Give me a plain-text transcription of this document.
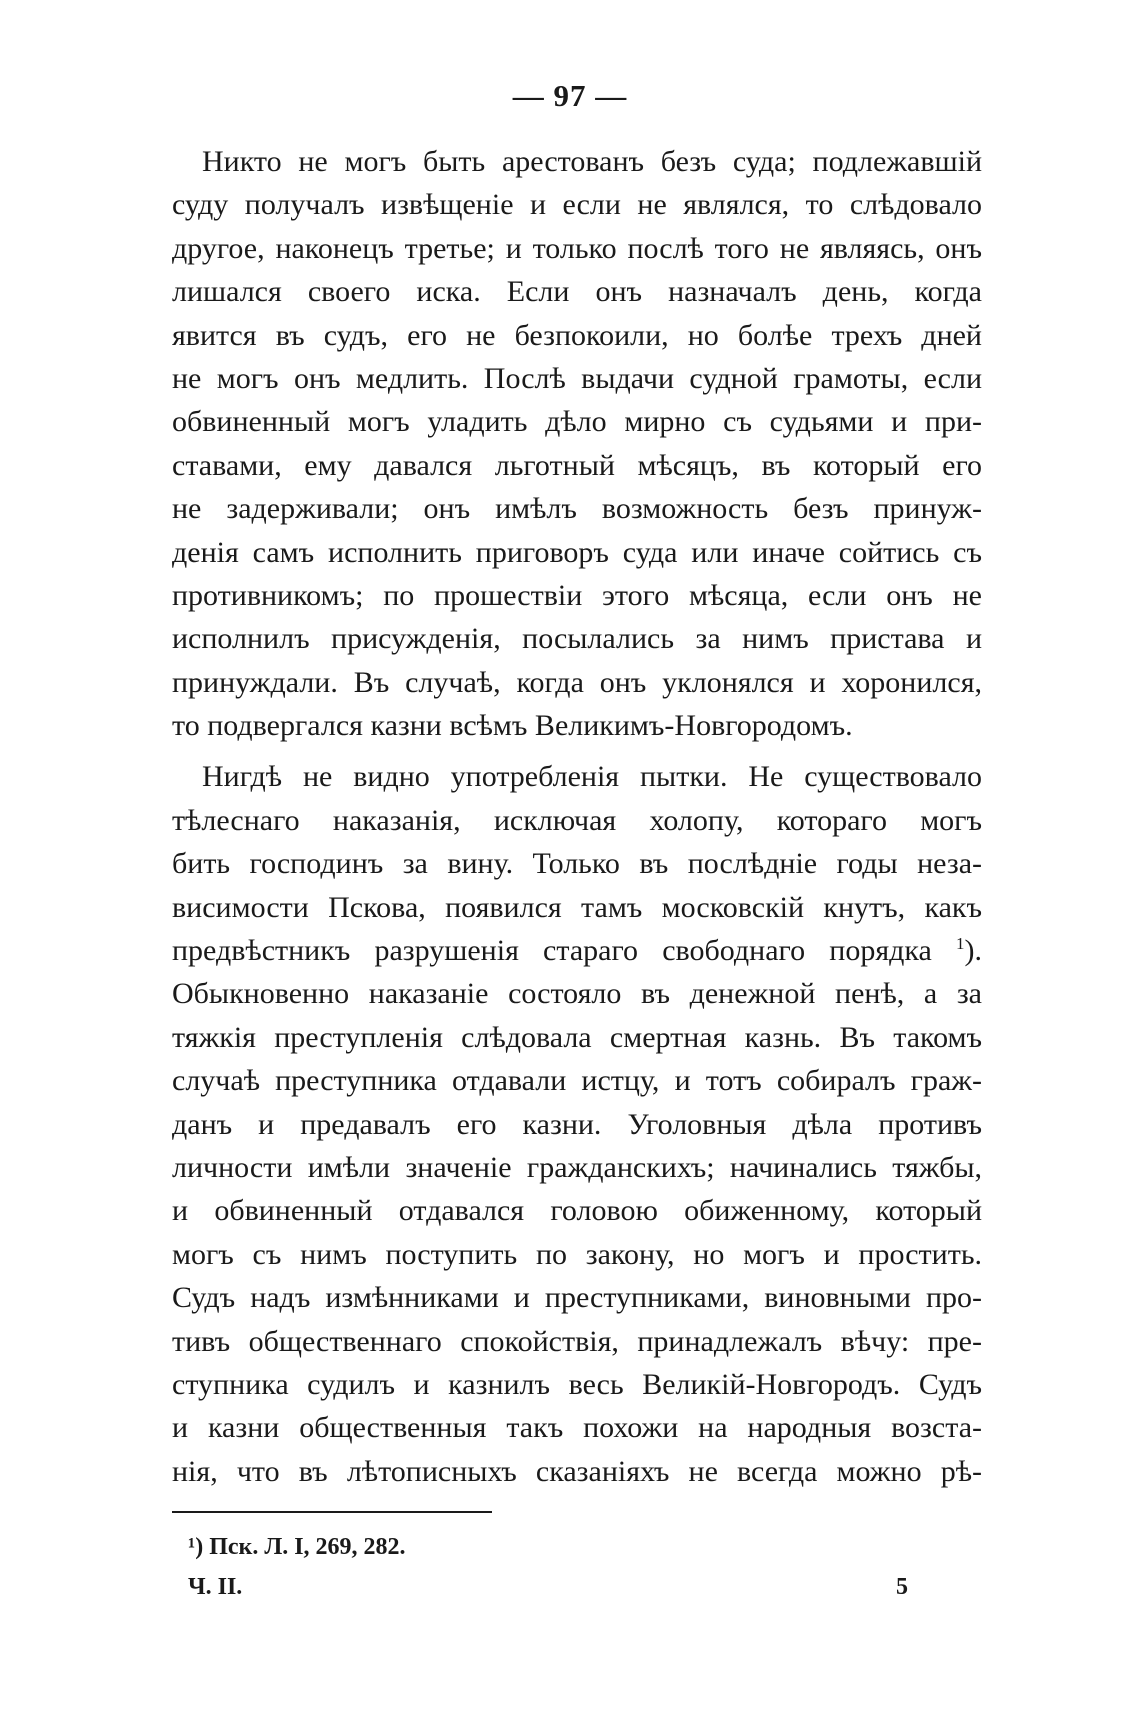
— 97 —
Никто не могъ быть арестованъ безъ суда; подлежавшій
суду получалъ извѣщеніе и если не являлся, то слѣдовало
другое, наконецъ третье; и только послѣ того не являясь, онъ
лишался своего иска. Если онъ назначалъ день, когда
явится въ судъ, его не безпокоили, но болѣе трехъ дней
не могъ онъ медлить. Послѣ выдачи судной грамоты, если
обвиненный могъ уладить дѣло мирно съ судьями и при-
ставами, ему давался льготный мѣсяцъ, въ который его
не задерживали; онъ имѣлъ возможность безъ принуж-
денія самъ исполнить приговоръ суда или иначе сойтись съ
противникомъ; по прошествіи этого мѣсяца, если онъ не
исполнилъ присужденія, посылались за нимъ пристава и
принуждали. Въ случаѣ, когда онъ уклонялся и хоронился,
то подвергался казни всѣмъ Великимъ-Новгородомъ.
Нигдѣ не видно употребленія пытки. Не существовало
тѣлеснаго наказанія, исключая холопу, котораго могъ
бить господинъ за вину. Только въ послѣдніе годы неза-
висимости Пскова, появился тамъ московскій кнутъ, какъ
предвѣстникъ разрушенія стараго свободнаго порядка $^1$).
Обыкновенно наказаніе состояло въ денежной пенѣ, а за
тяжкія преступленія слѣдовала смертная казнь. Въ такомъ
случаѣ преступника отдавали истцу, и тотъ собиралъ граж-
данъ и предавалъ его казни. Уголовныя дѣла противъ
личности имѣли значеніе гражданскихъ; начинались тяжбы,
и обвиненный отдавался головою обиженному, который
могъ съ нимъ поступить по закону, но могъ и простить.
Судъ надъ измѣнниками и преступниками, виновными про-
тивъ общественнаго спокойствія, принадлежалъ вѣчу: пре-
ступника судилъ и казнилъ весь Великій-Новгородъ. Судъ
и казни общественныя такъ похожи на народныя возста-
нія, что въ лѣтописныхъ сказаніяхъ не всегда можно рѣ-
¹) Пск. Л. I, 269, 282.
Ч. II.	5
